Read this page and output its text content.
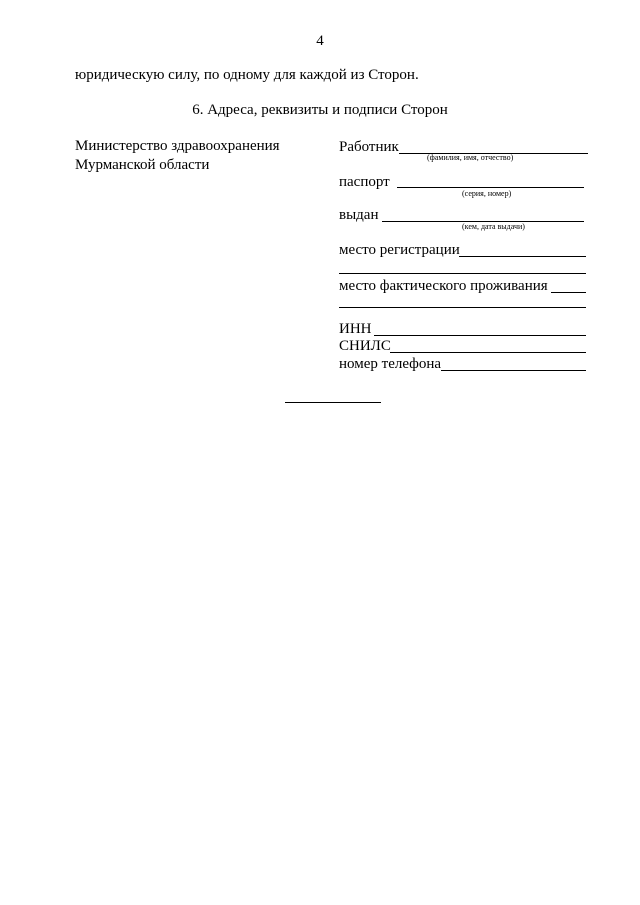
4
юридическую силу, по одному для каждой из Сторон.
6. Адреса, реквизиты и подписи Сторон
Министерство здравоохранения
Мурманской области
Работник
(фамилия, имя, отчество)
паспорт
(серия, номер)
выдан
(кем, дата выдачи)
место регистрации
место фактического проживания
ИНН
СНИЛС
номер телефона
